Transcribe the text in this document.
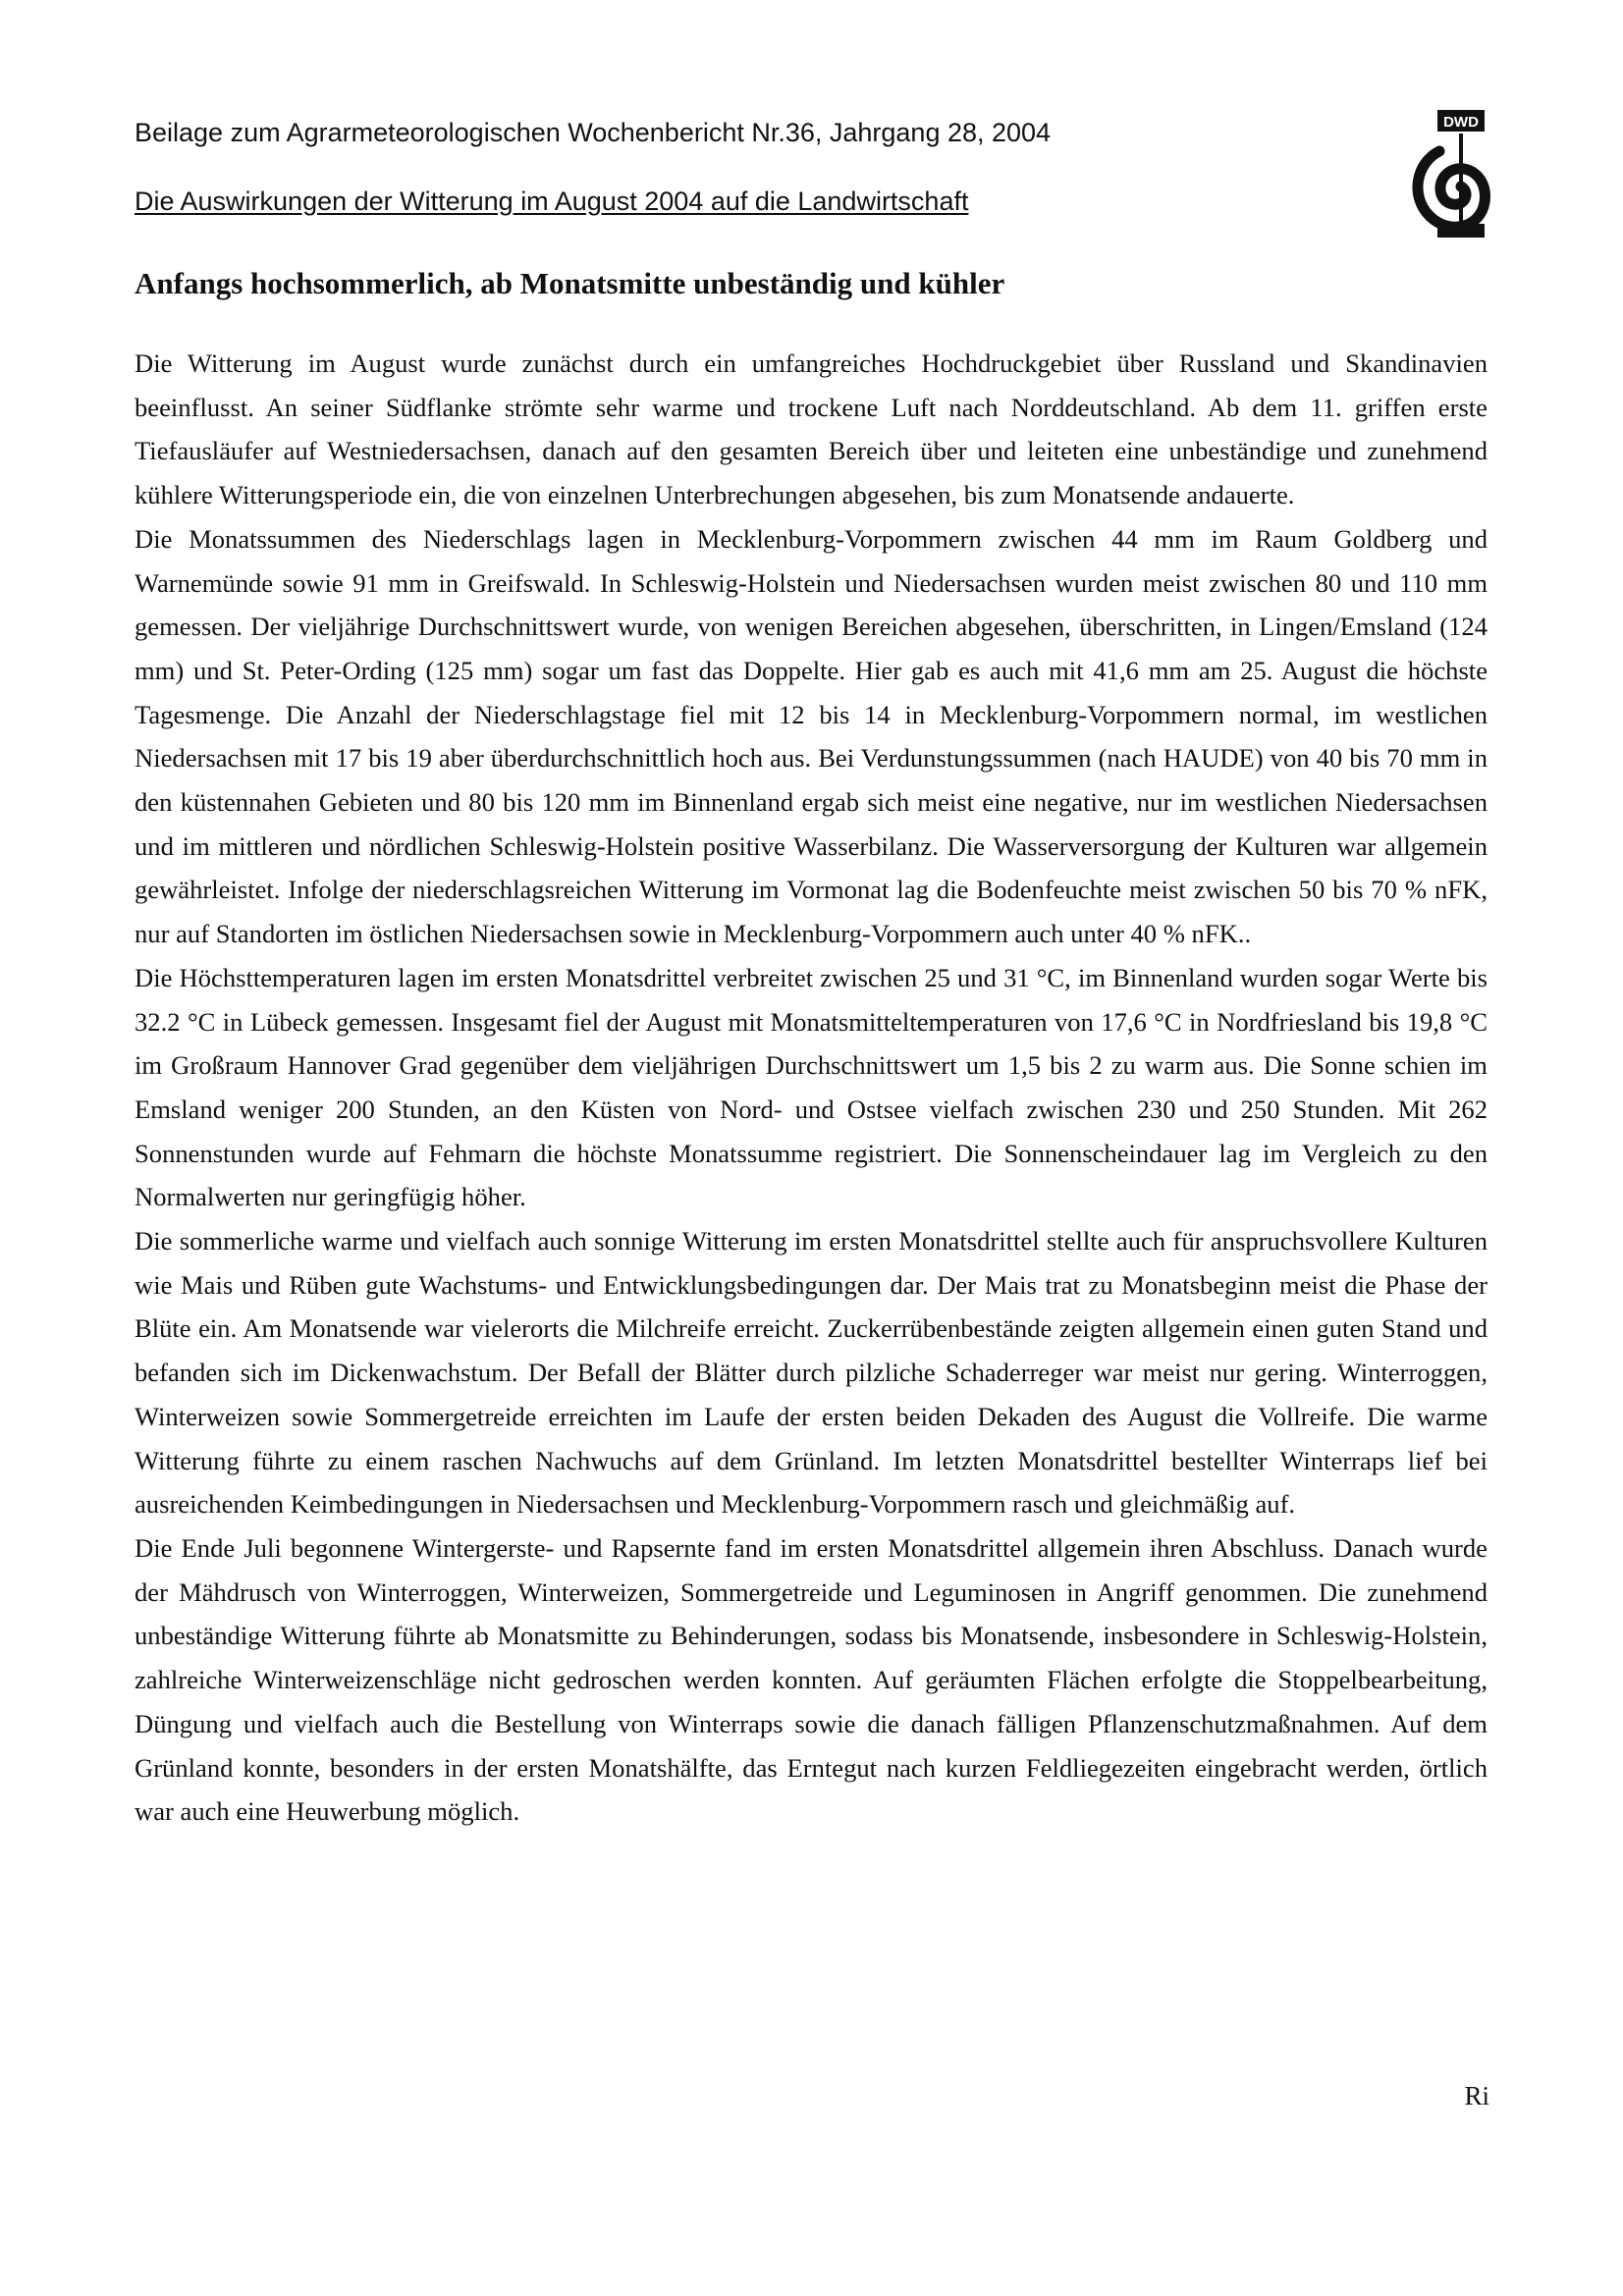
Beilage zum Agrarmeteorologischen Wochenbericht Nr.36, Jahrgang 28, 2004
Die Auswirkungen der Witterung im August 2004 auf die Landwirtschaft
DWD
Anfangs hochsommerlich, ab Monatsmitte unbeständig und kühler

Die Witterung im August wurde zunächst durch ein umfangreiches Hochdruckgebiet über Russland und Skandinavien beeinflusst. An seiner Südflanke strömte sehr warme und trockene Luft nach Norddeutschland. Ab dem 11. griffen erste Tiefausläufer auf Westniedersachsen, danach auf den gesamten Bereich über und leiteten eine unbeständige und zunehmend kühlere Witterungsperiode ein, die von einzelnen Unterbrechungen abgesehen, bis zum Monatsende andauerte.

Die Monatssummen des Niederschlags lagen in Mecklenburg-Vorpommern zwischen 44 mm im Raum Goldberg und Warnemünde sowie 91 mm in Greifswald. In Schleswig-Holstein und Niedersachsen wurden meist zwischen 80 und 110 mm gemessen. Der vieljährige Durchschnittswert wurde, von wenigen Bereichen abgesehen, überschritten, in Lingen/Emsland (124 mm) und St. Peter-Ording (125 mm) sogar um fast das Doppelte. Hier gab es auch mit 41,6 mm am 25. August die höchste Tagesmenge. Die Anzahl der Niederschlagstage fiel mit 12 bis 14 in Mecklenburg-Vorpommern normal, im westlichen Niedersachsen mit 17 bis 19 aber überdurchschnittlich hoch aus. Bei Verdunstungssummen (nach HAUDE) von 40 bis 70 mm in den küstennahen Gebieten und 80 bis 120 mm im Binnenland ergab sich meist eine negative, nur im westlichen Niedersachsen und im mittleren und nördlichen Schleswig-Holstein positive Wasserbilanz. Die Wasserversorgung der Kulturen war allgemein gewährleistet. Infolge der niederschlagsreichen Witterung im Vormonat lag die Bodenfeuchte meist zwischen 50 bis 70 % nFK, nur auf Standorten im östlichen Niedersachsen sowie in Mecklenburg-Vorpommern auch unter 40 % nFK..

Die Höchsttemperaturen lagen im ersten Monatsdrittel verbreitet zwischen 25 und 31 °C, im Binnenland wurden sogar Werte bis 32.2 °C in Lübeck gemessen. Insgesamt fiel der August mit Monatsmitteltemperaturen von 17,6 °C in Nordfriesland bis 19,8 °C im Großraum Hannover Grad gegenüber dem vieljährigen Durchschnittswert um 1,5 bis 2 zu warm aus. Die Sonne schien im Emsland weniger 200 Stunden, an den Küsten von Nord- und Ostsee vielfach zwischen 230 und 250 Stunden. Mit 262 Sonnenstunden wurde auf Fehmarn die höchste Monatssumme registriert. Die Sonnenscheindauer lag im Vergleich zu den Normalwerten nur geringfügig höher.

Die sommerliche warme und vielfach auch sonnige Witterung im ersten Monatsdrittel stellte auch für anspruchsvollere Kulturen wie Mais und Rüben gute Wachstums- und Entwicklungsbedingungen dar. Der Mais trat zu Monatsbeginn meist die Phase der Blüte ein. Am Monatsende war vielerorts die Milchreife erreicht. Zuckerrübenbestände zeigten allgemein einen guten Stand und befanden sich im Dickenwachstum. Der Befall der Blätter durch pilzliche Schaderreger war meist nur gering. Winterroggen, Winterweizen sowie Sommergetreide erreichten im Laufe der ersten beiden Dekaden des August die Vollreife. Die warme Witterung führte zu einem raschen Nachwuchs auf dem Grünland. Im letzten Monatsdrittel bestellter Winterraps lief bei ausreichenden Keimbedingungen in Niedersachsen und Mecklenburg-Vorpommern rasch und gleichmäßig auf.

Die Ende Juli begonnene Wintergerste- und Rapsernte fand im ersten Monatsdrittel allgemein ihren Abschluss. Danach wurde der Mähdrusch von Winterroggen, Winterweizen, Sommergetreide und Leguminosen in Angriff genommen. Die zunehmend unbeständige Witterung führte ab Monatsmitte zu Behinderungen, sodass bis Monatsende, insbesondere in Schleswig-Holstein, zahlreiche Winterweizenschläge nicht gedroschen werden konnten. Auf geräumten Flächen erfolgte die Stoppelbearbeitung, Düngung und vielfach auch die Bestellung von Winterraps sowie die danach fälligen Pflanzenschutzmaßnahmen. Auf dem Grünland konnte, besonders in der ersten Monatshälfte, das Erntegut nach kurzen Feldliegezeiten eingebracht werden, örtlich war auch eine Heuwerbung möglich.

Ri
